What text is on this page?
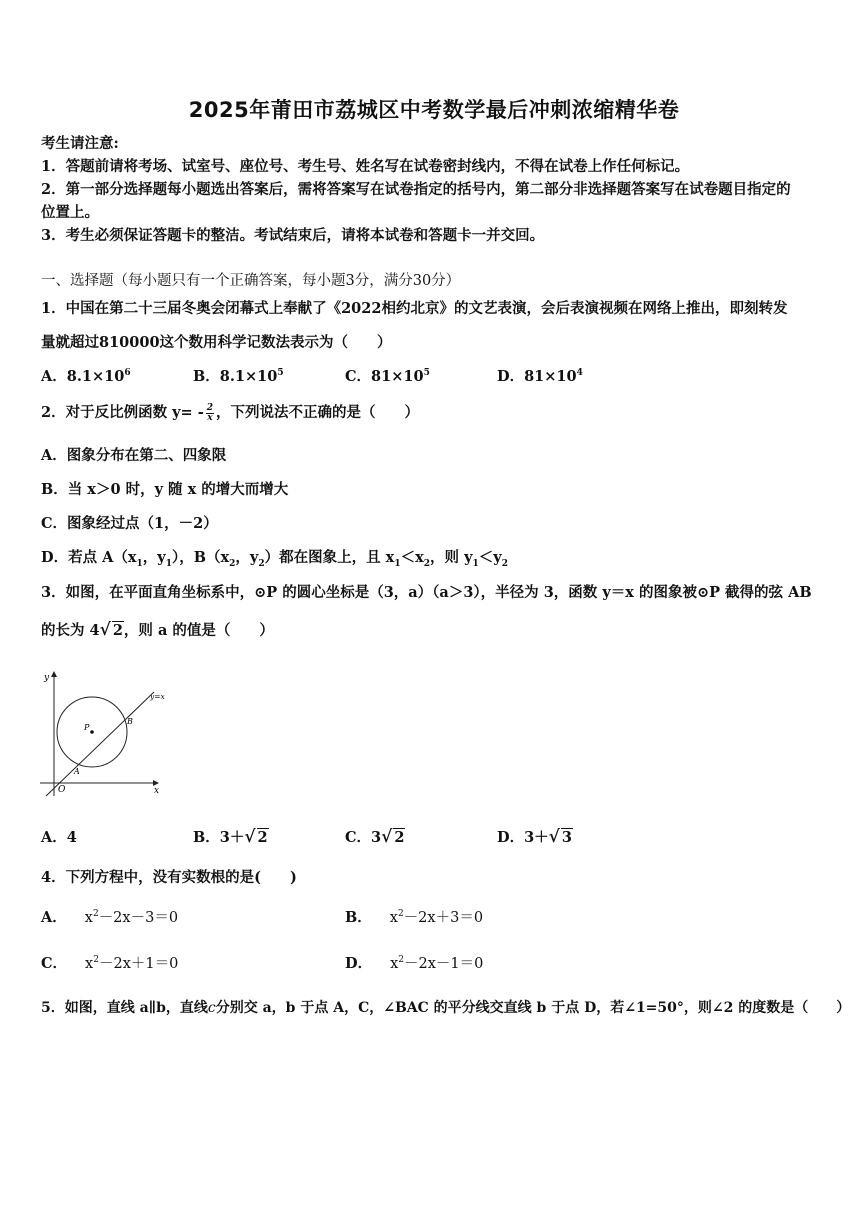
2025年莆田市荔城区中考数学最后冲刺浓缩精华卷
考生请注意:
1．答题前请将考场、试室号、座位号、考生号、姓名写在试卷密封线内，不得在试卷上作任何标记。
2．第一部分选择题每小题选出答案后，需将答案写在试卷指定的括号内，第二部分非选择题答案写在试卷题目指定的
位置上。
3．考生必须保证答题卡的整洁。考试结束后，请将本试卷和答题卡一并交回。
一、选择题（每小题只有一个正确答案，每小题3分，满分30分）
1．中国在第二十三届冬奥会闭幕式上奉献了《2022相约北京》的文艺表演，会后表演视频在网络上推出，即刻转发
量就超过810000这个数用科学记数法表示为（　　）
A．$8.1\times 10^6$	B．$8.1\times 10^5$	C．$81\times 10^5$	D．$81\times 10^4$
2．对于反比例函数 $y= - \frac{2}{x}$ ，下列说法不正确的是（　　）
A．图象分布在第二、四象限
B．当 x＞0 时，y 随 x 的增大而增大
C．图象经过点（1，－2）
D．若点 $A(x_1$，$y_1$），$B(x_2$，$y_2$）都在图象上，且 $x_1<x_2$，则 $y_1<y_2$
3．如图，在平面直角坐标系中，⊙P 的圆心坐标是（3，a）（a＞3），半径为 3，函数 y＝x 的图象被⊙P 截得的弦 AB
的长为 4√ 2，则 a 的值是（　　）
y
x
O
P
A
B
y=x
A．4	B．3＋√ 2	C．3√ 2	D．3＋√ 3
4．下列方程中，没有实数根的是(　　)
A． $x^2-2x-3=0$	B． $x^2-2x+3=0$
C． $x^2-2x+1=0$	D． $x^2-2x-1=0$
5．如图，直线 a∥b，直线c分别交 a，b 于点 A，C，∠BAC 的平分线交直线 b 于点 D，若∠1=50°，则∠2 的度数是（　　）
